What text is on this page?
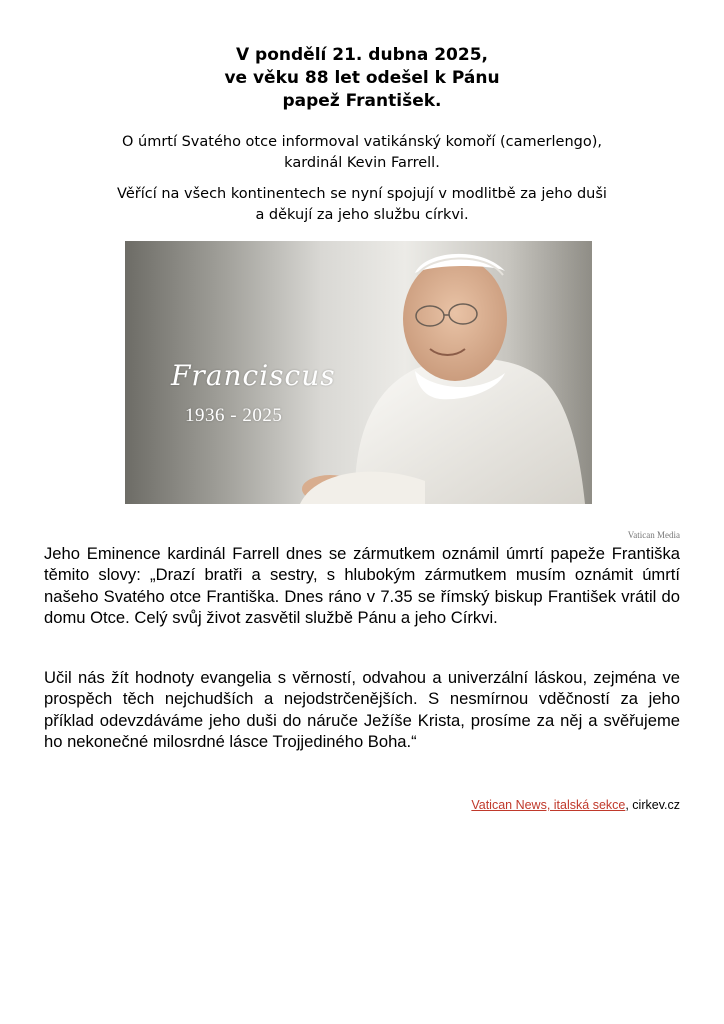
V pondělí 21. dubna 2025,
ve věku 88 let odešel k Pánu
papež František.
O úmrtí Svatého otce informoval vatikánský komoří (camerlengo),
kardinál Kevin Farrell.
Věřící na všech kontinentech se nyní spojují v modlitbě za jeho duši
a děkují za jeho službu církvi.
Franciscus
1936 - 2025
Vatican Media
Jeho Eminence kardinál Farrell dnes se zármutkem oznámil úmrtí papeže Františka těmito slovy: „Drazí bratři a sestry, s hlubokým zármutkem musím oznámit úmrtí našeho Svatého otce Františka. Dnes ráno v 7.35 se římský biskup František vrátil do domu Otce. Celý svůj život zasvětil službě Pánu a jeho Církvi.
Učil nás žít hodnoty evangelia s věrností, odvahou a univerzální láskou, zejména ve prospěch těch nejchudších a nejodstrčenějších. S nesmírnou vděčností za jeho příklad odevzdáváme jeho duši do náruče Ježíše Krista, prosíme za něj a svěřujeme ho nekonečné milosrdné lásce Trojjediného Boha.“
Vatican News, italská sekce, cirkev.cz
